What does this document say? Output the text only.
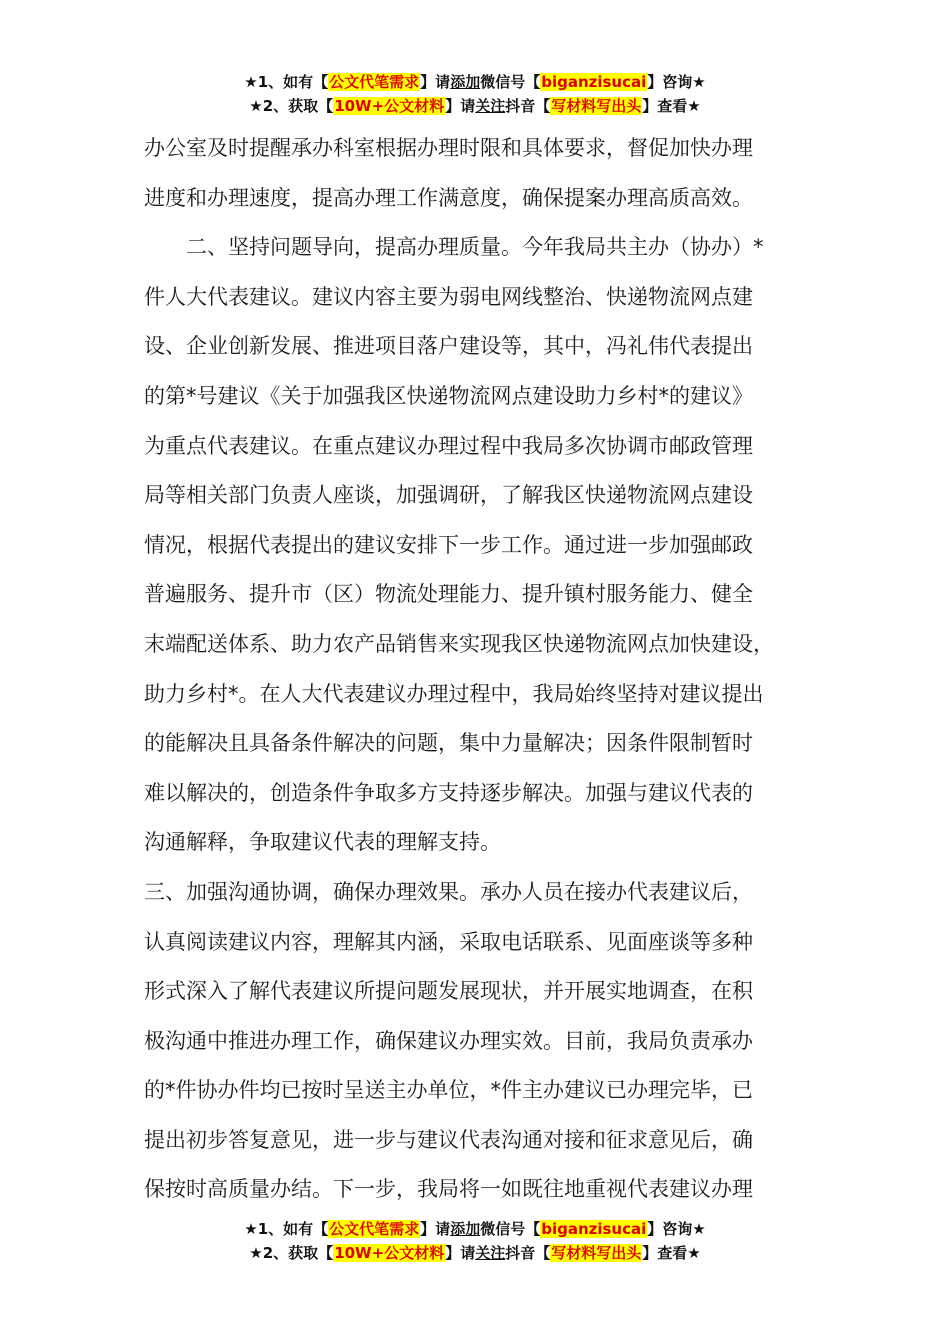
★1、如有【公文代笔需求】请添加微信号【biganzisucai】咨询★
★2、获取【10W+公文材料】请关注抖音【写材料写出头】查看★
办公室及时提醒承办科室根据办理时限和具体要求，督促加快办理
进度和办理速度，提高办理工作满意度，确保提案办理高质高效。
二、坚持问题导向，提高办理质量。今年我局共主办（协办）*
件人大代表建议。建议内容主要为弱电网线整治、快递物流网点建
设、企业创新发展、推进项目落户建设等，其中，冯礼伟代表提出
的第*号建议《关于加强我区快递物流网点建设助力乡村*的建议》
为重点代表建议。在重点建议办理过程中我局多次协调市邮政管理
局等相关部门负责人座谈，加强调研，了解我区快递物流网点建设
情况，根据代表提出的建议安排下一步工作。通过进一步加强邮政
普遍服务、提升市（区）物流处理能力、提升镇村服务能力、健全
末端配送体系、助力农产品销售来实现我区快递物流网点加快建设，
助力乡村*。在人大代表建议办理过程中，我局始终坚持对建议提出
的能解决且具备条件解决的问题，集中力量解决；因条件限制暂时
难以解决的，创造条件争取多方支持逐步解决。加强与建议代表的
沟通解释，争取建议代表的理解支持。
三、加强沟通协调，确保办理效果。承办人员在接办代表建议后，
认真阅读建议内容，理解其内涵，采取电话联系、见面座谈等多种
形式深入了解代表建议所提问题发展现状，并开展实地调查，在积
极沟通中推进办理工作，确保建议办理实效。目前，我局负责承办
的*件协办件均已按时呈送主办单位，*件主办建议已办理完毕，已
提出初步答复意见，进一步与建议代表沟通对接和征求意见后，确
保按时高质量办结。下一步，我局将一如既往地重视代表建议办理
★1、如有【公文代笔需求】请添加微信号【biganzisucai】咨询★
★2、获取【10W+公文材料】请关注抖音【写材料写出头】查看★
